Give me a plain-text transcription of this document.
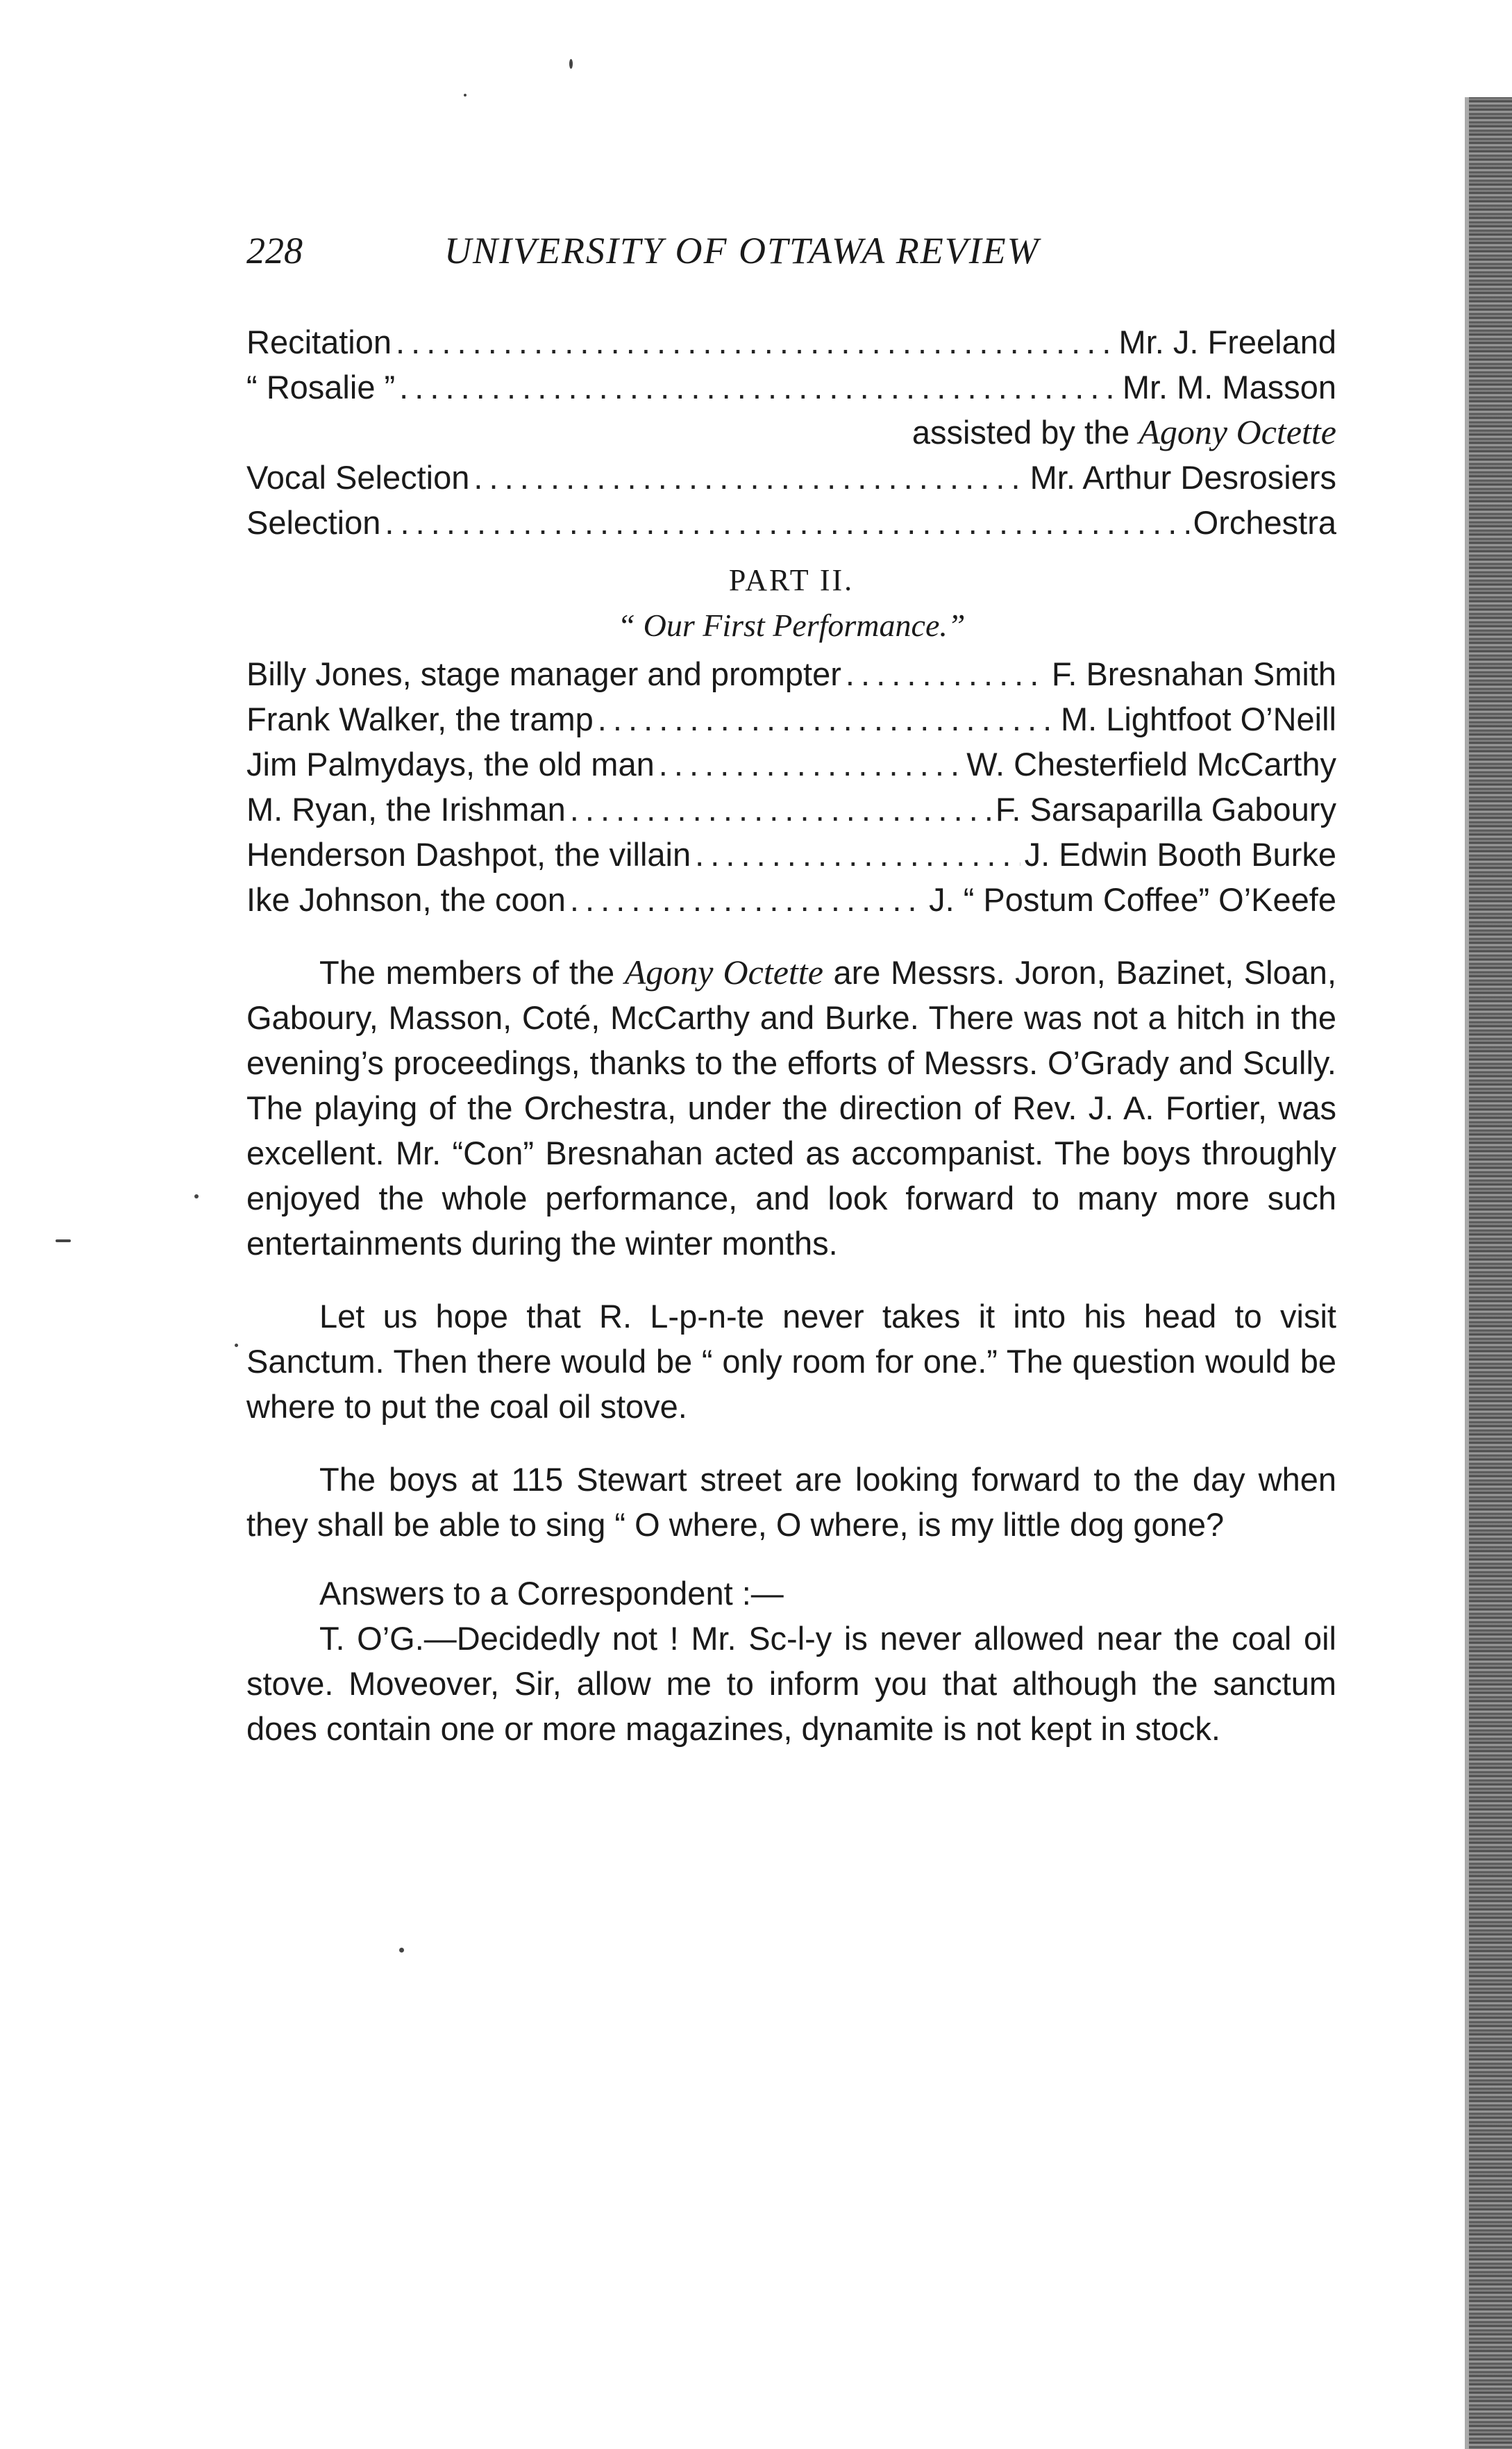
228	UNIVERSITY OF OTTAWA REVIEW
Recitation . . .	Mr. J. Freeland
“ Rosalie ” . . .	Mr. M. Masson
assisted by the Agony Octette
Vocal Selection . . .	Mr. Arthur Desrosiers
Selection . . .	Orchestra
PART II.
“ Our First Performance.”
Billy Jones, stage manager and prompter . . .	F. Bresnahan Smith
Frank Walker, the tramp . . .	M. Lightfoot O’Neill
Jim Palmydays, the old man . . .	W. Chesterfield McCarthy
M. Ryan, the Irishman . . .	F. Sarsaparilla Gaboury
Henderson Dashpot, the villain . . .	J. Edwin Booth Burke
Ike Johnson, the coon . . .	J. “ Postum Coffee” O’Keefe

The members of the Agony Octette are Messrs. Joron, Bazinet, Sloan, Gaboury, Masson, Coté, McCarthy and Burke. There was not a hitch in the evening’s proceedings, thanks to the efforts of Messrs. O’Grady and Scully. The playing of the Orchestra, under the direction of Rev. J. A. Fortier, was excellent. Mr. “Con” Bresnahan acted as accompanist. The boys throughly enjoyed the whole performance, and look forward to many more such entertainments during the winter months.

Let us hope that R. L-p-n-te never takes it into his head to visit Sanctum. Then there would be “ only room for one.” The question would be where to put the coal oil stove.

The boys at 115 Stewart street are looking forward to the day when they shall be able to sing “ O where, O where, is my little dog gone?

Answers to a Correspondent :—

T. O’G.—Decidedly not ! Mr. Sc-l-y is never allowed near the coal oil stove. Moveover, Sir, allow me to inform you that although the sanctum does contain one or more magazines, dynamite is not kept in stock.
